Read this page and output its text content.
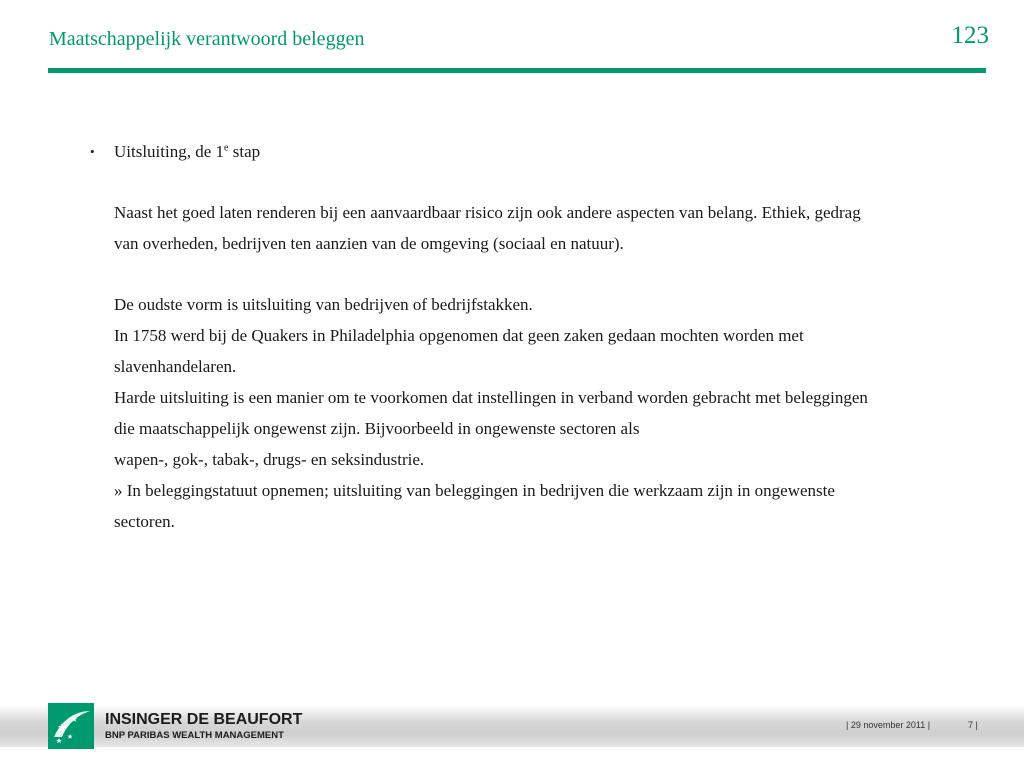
Maatschappelijk verantwoord beleggen	123
• Uitsluiting, de 1e stap

Naast het goed laten renderen bij een aanvaardbaar risico zijn ook andere aspecten van belang. Ethiek, gedrag
van overheden, bedrijven ten aanzien van de omgeving (sociaal en natuur).

De oudste vorm is uitsluiting van bedrijven of bedrijfstakken.
In 1758 werd bij de Quakers in Philadelphia opgenomen dat geen zaken gedaan mochten worden met
slavenhandelaren.
Harde uitsluiting is een manier om te voorkomen dat instellingen in verband worden gebracht met beleggingen
die maatschappelijk ongewenst zijn. Bijvoorbeeld in ongewenste sectoren als
wapen-, gok-, tabak-, drugs- en seksindustrie.
» In beleggingstatuut opnemen; uitsluiting van beleggingen in bedrijven die werkzaam zijn in ongewenste
sectoren.

INSINGER DE BEAUFORT
BNP PARIBAS WEALTH MANAGEMENT
| 29 november 2011 |	7 |
